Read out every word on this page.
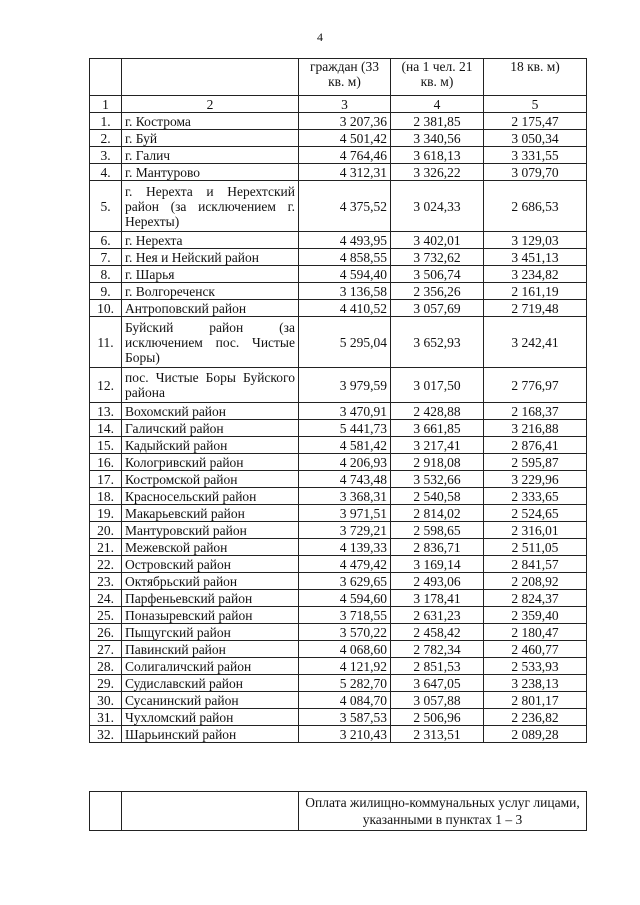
4
		граждан (33 кв. м)	(на 1 чел. 21 кв. м)	18 кв. м)
1	2	3	4	5
1.	г. Кострома	3 207,36	2 381,85	2 175,47
2.	г. Буй	4 501,42	3 340,56	3 050,34
3.	г. Галич	4 764,46	3 618,13	3 331,55
4.	г. Мантурово	4 312,31	3 326,22	3 079,70
5.	г. Нерехта и Нерехтский район (за исключением г. Нерехты)	4 375,52	3 024,33	2 686,53
6.	г. Нерехта	4 493,95	3 402,01	3 129,03
7.	г. Нея и Нейский район	4 858,55	3 732,62	3 451,13
8.	г. Шарья	4 594,40	3 506,74	3 234,82
9.	г. Волгореченск	3 136,58	2 356,26	2 161,19
10.	Антроповский район	4 410,52	3 057,69	2 719,48
11.	Буйский район (за исключением пос. Чистые Боры)	5 295,04	3 652,93	3 242,41
12.	пос. Чистые Боры Буйского района	3 979,59	3 017,50	2 776,97
13.	Вохомский район	3 470,91	2 428,88	2 168,37
14.	Галичский район	5 441,73	3 661,85	3 216,88
15.	Кадыйский район	4 581,42	3 217,41	2 876,41
16.	Кологривский район	4 206,93	2 918,08	2 595,87
17.	Костромской район	4 743,48	3 532,66	3 229,96
18.	Красносельский район	3 368,31	2 540,58	2 333,65
19.	Макарьевский район	3 971,51	2 814,02	2 524,65
20.	Мантуровский район	3 729,21	2 598,65	2 316,01
21.	Межевской район	4 139,33	2 836,71	2 511,05
22.	Островский район	4 479,42	3 169,14	2 841,57
23.	Октябрьский район	3 629,65	2 493,06	2 208,92
24.	Парфеньевский район	4 594,60	3 178,41	2 824,37
25.	Поназыревский район	3 718,55	2 631,23	2 359,40
26.	Пыщугский район	3 570,22	2 458,42	2 180,47
27.	Павинский район	4 068,60	2 782,34	2 460,77
28.	Солигаличский район	4 121,92	2 851,53	2 533,93
29.	Судиславский район	5 282,70	3 647,05	3 238,13
30.	Сусанинский район	4 084,70	3 057,88	2 801,17
31.	Чухломский район	3 587,53	2 506,96	2 236,82
32.	Шарьинский район	3 210,43	2 313,51	2 089,28
		Оплата жилищно-коммунальных услуг лицами, указанными в пунктах 1 – 3
